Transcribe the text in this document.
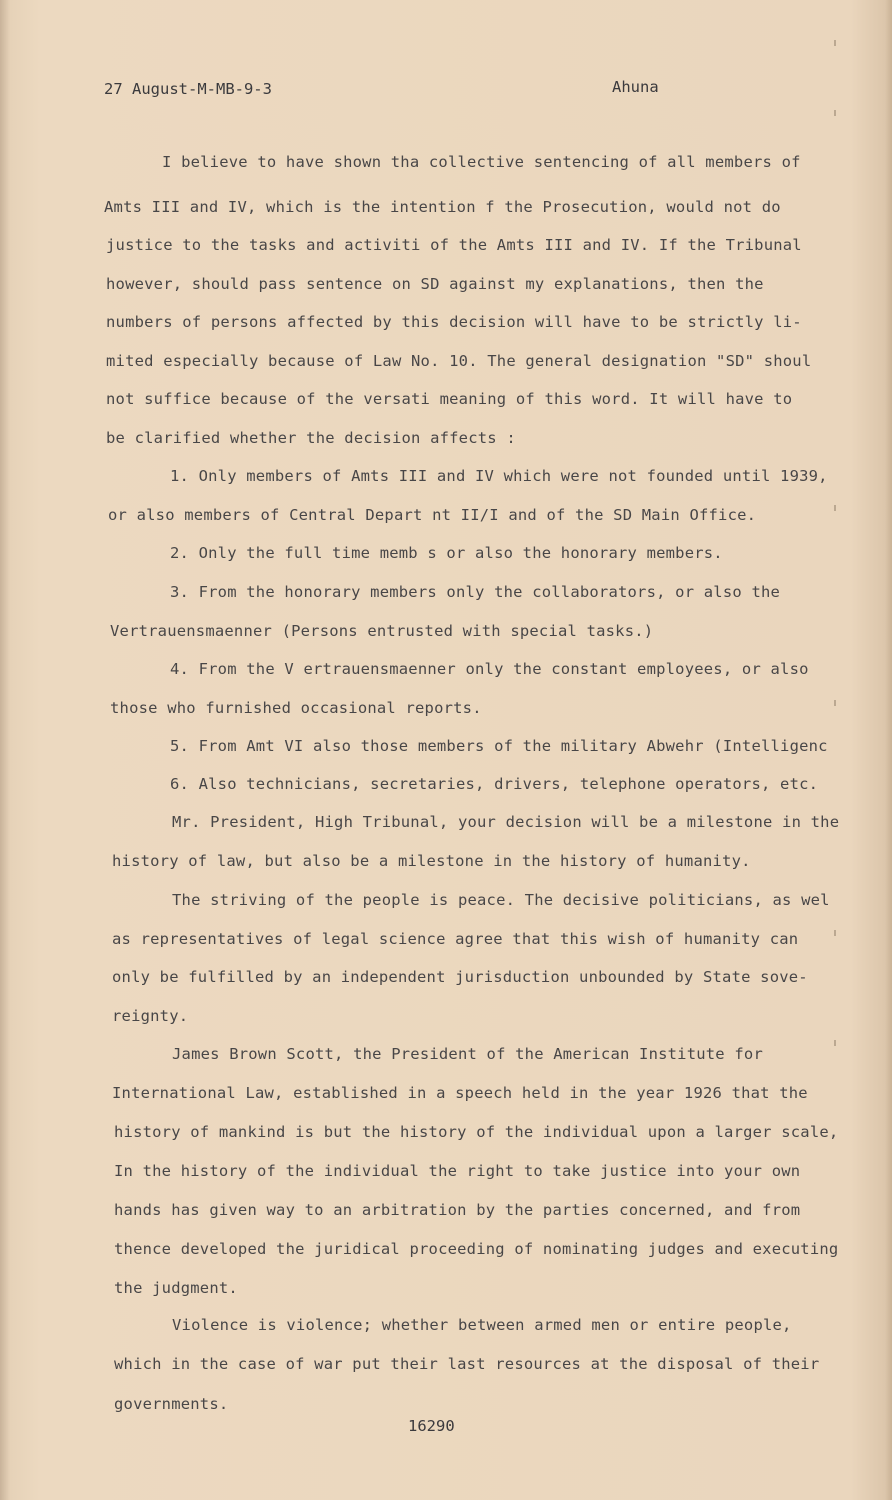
27 August-M-MB-9-3	Ahuna
I believe to have shown tha collective sentencing of all members of
Amts III and IV, which is the intention f the Prosecution, would not do
justice to the tasks and activiti of the Amts III and IV. If the Tribunal
however, should pass sentence on SD against my explanations, then the
numbers of persons affected by this decision will have to be strictly li-
mited especially because of Law No. 10. The general designation "SD" shoul
not suffice because of the versati meaning of this word. It will have to
be clarified whether the decision affects :
1. Only members of Amts III and IV which were not founded until 1939,
or also members of Central Depart nt II/I and of the SD Main Office.
2. Only the full time memb s or also the honorary members.
3. From the honorary members only the collaborators, or also the
Vertrauensmaenner (Persons entrusted with special tasks.)
4. From the V ertrauensmaenner only the constant employees, or also
those who furnished occasional reports.
5. From Amt VI also those members of the military Abwehr (Intelligenc
6. Also technicians, secretaries, drivers, telephone operators, etc.
Mr. President, High Tribunal, your decision will be a milestone in the
history of law, but also be a milestone in the history of humanity.
The striving of the people is peace. The decisive politicians, as wel
as representatives of legal science agree that this wish of humanity can
only be fulfilled by an independent jurisduction unbounded by State sove-
reignty.
James Brown Scott, the President of the American Institute for
International Law, established in a speech held in the year 1926 that the
history of mankind is but the history of the individual upon a larger scale,
In the history of the individual the right to take justice into your own
hands has given way to an arbitration by the parties concerned, and from
thence developed the juridical proceeding of nominating judges and executing
the judgment.
Violence is violence; whether between armed men or entire people,
which in the case of war put their last resources at the disposal of their
governments.
16290
